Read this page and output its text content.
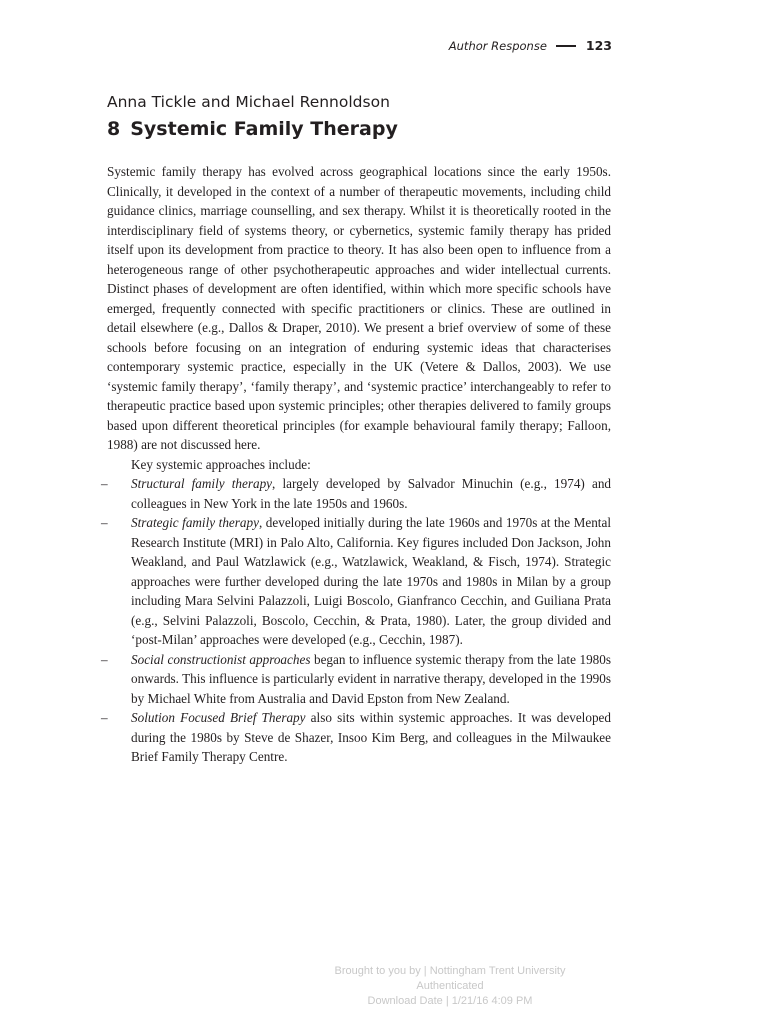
Author Response	123
Anna Tickle and Michael Rennoldson
8 Systemic Family Therapy

Systemic family therapy has evolved across geographical locations since the early 1950s. Clinically, it developed in the context of a number of therapeutic movements, including child guidance clinics, marriage counselling, and sex therapy. Whilst it is theoretically rooted in the interdisciplinary field of systems theory, or cybernetics, systemic family therapy has prided itself upon its development from practice to theory. It has also been open to influence from a heterogeneous range of other psychotherapeutic approaches and wider intellectual currents. Distinct phases of development are often identified, within which more specific schools have emerged, frequently connected with specific practitioners or clinics. These are outlined in detail elsewhere (e.g., Dallos & Draper, 2010). We present a brief overview of some of these schools before focusing on an integration of enduring systemic ideas that characterises contemporary systemic practice, especially in the UK (Vetere & Dallos, 2003). We use ‘systemic family therapy’, ‘family therapy’, and ‘systemic practice’ interchangeably to refer to therapeutic practice based upon systemic principles; other therapies delivered to family groups based upon different theoretical principles (for example behavioural family therapy; Falloon, 1988) are not discussed here.

Key systemic approaches include:

– Structural family therapy, largely developed by Salvador Minuchin (e.g., 1974) and colleagues in New York in the late 1950s and 1960s.
– Strategic family therapy, developed initially during the late 1960s and 1970s at the Mental Research Institute (MRI) in Palo Alto, California. Key figures included Don Jackson, John Weakland, and Paul Watzlawick (e.g., Watzlawick, Weakland, & Fisch, 1974). Strategic approaches were further developed during the late 1970s and 1980s in Milan by a group including Mara Selvini Palazzoli, Luigi Boscolo, Gianfranco Cecchin, and Guiliana Prata (e.g., Selvini Palazzoli, Boscolo, Cecchin, & Prata, 1980). Later, the group divided and ‘post-Milan’ approaches were developed (e.g., Cecchin, 1987).
– Social constructionist approaches began to influence systemic therapy from the late 1980s onwards. This influence is particularly evident in narrative therapy, developed in the 1990s by Michael White from Australia and David Epston from New Zealand.
– Solution Focused Brief Therapy also sits within systemic approaches. It was developed during the 1980s by Steve de Shazer, Insoo Kim Berg, and colleagues in the Milwaukee Brief Family Therapy Centre.
Brought to you by | Nottingham Trent University
Authenticated
Download Date | 1/21/16 4:09 PM
